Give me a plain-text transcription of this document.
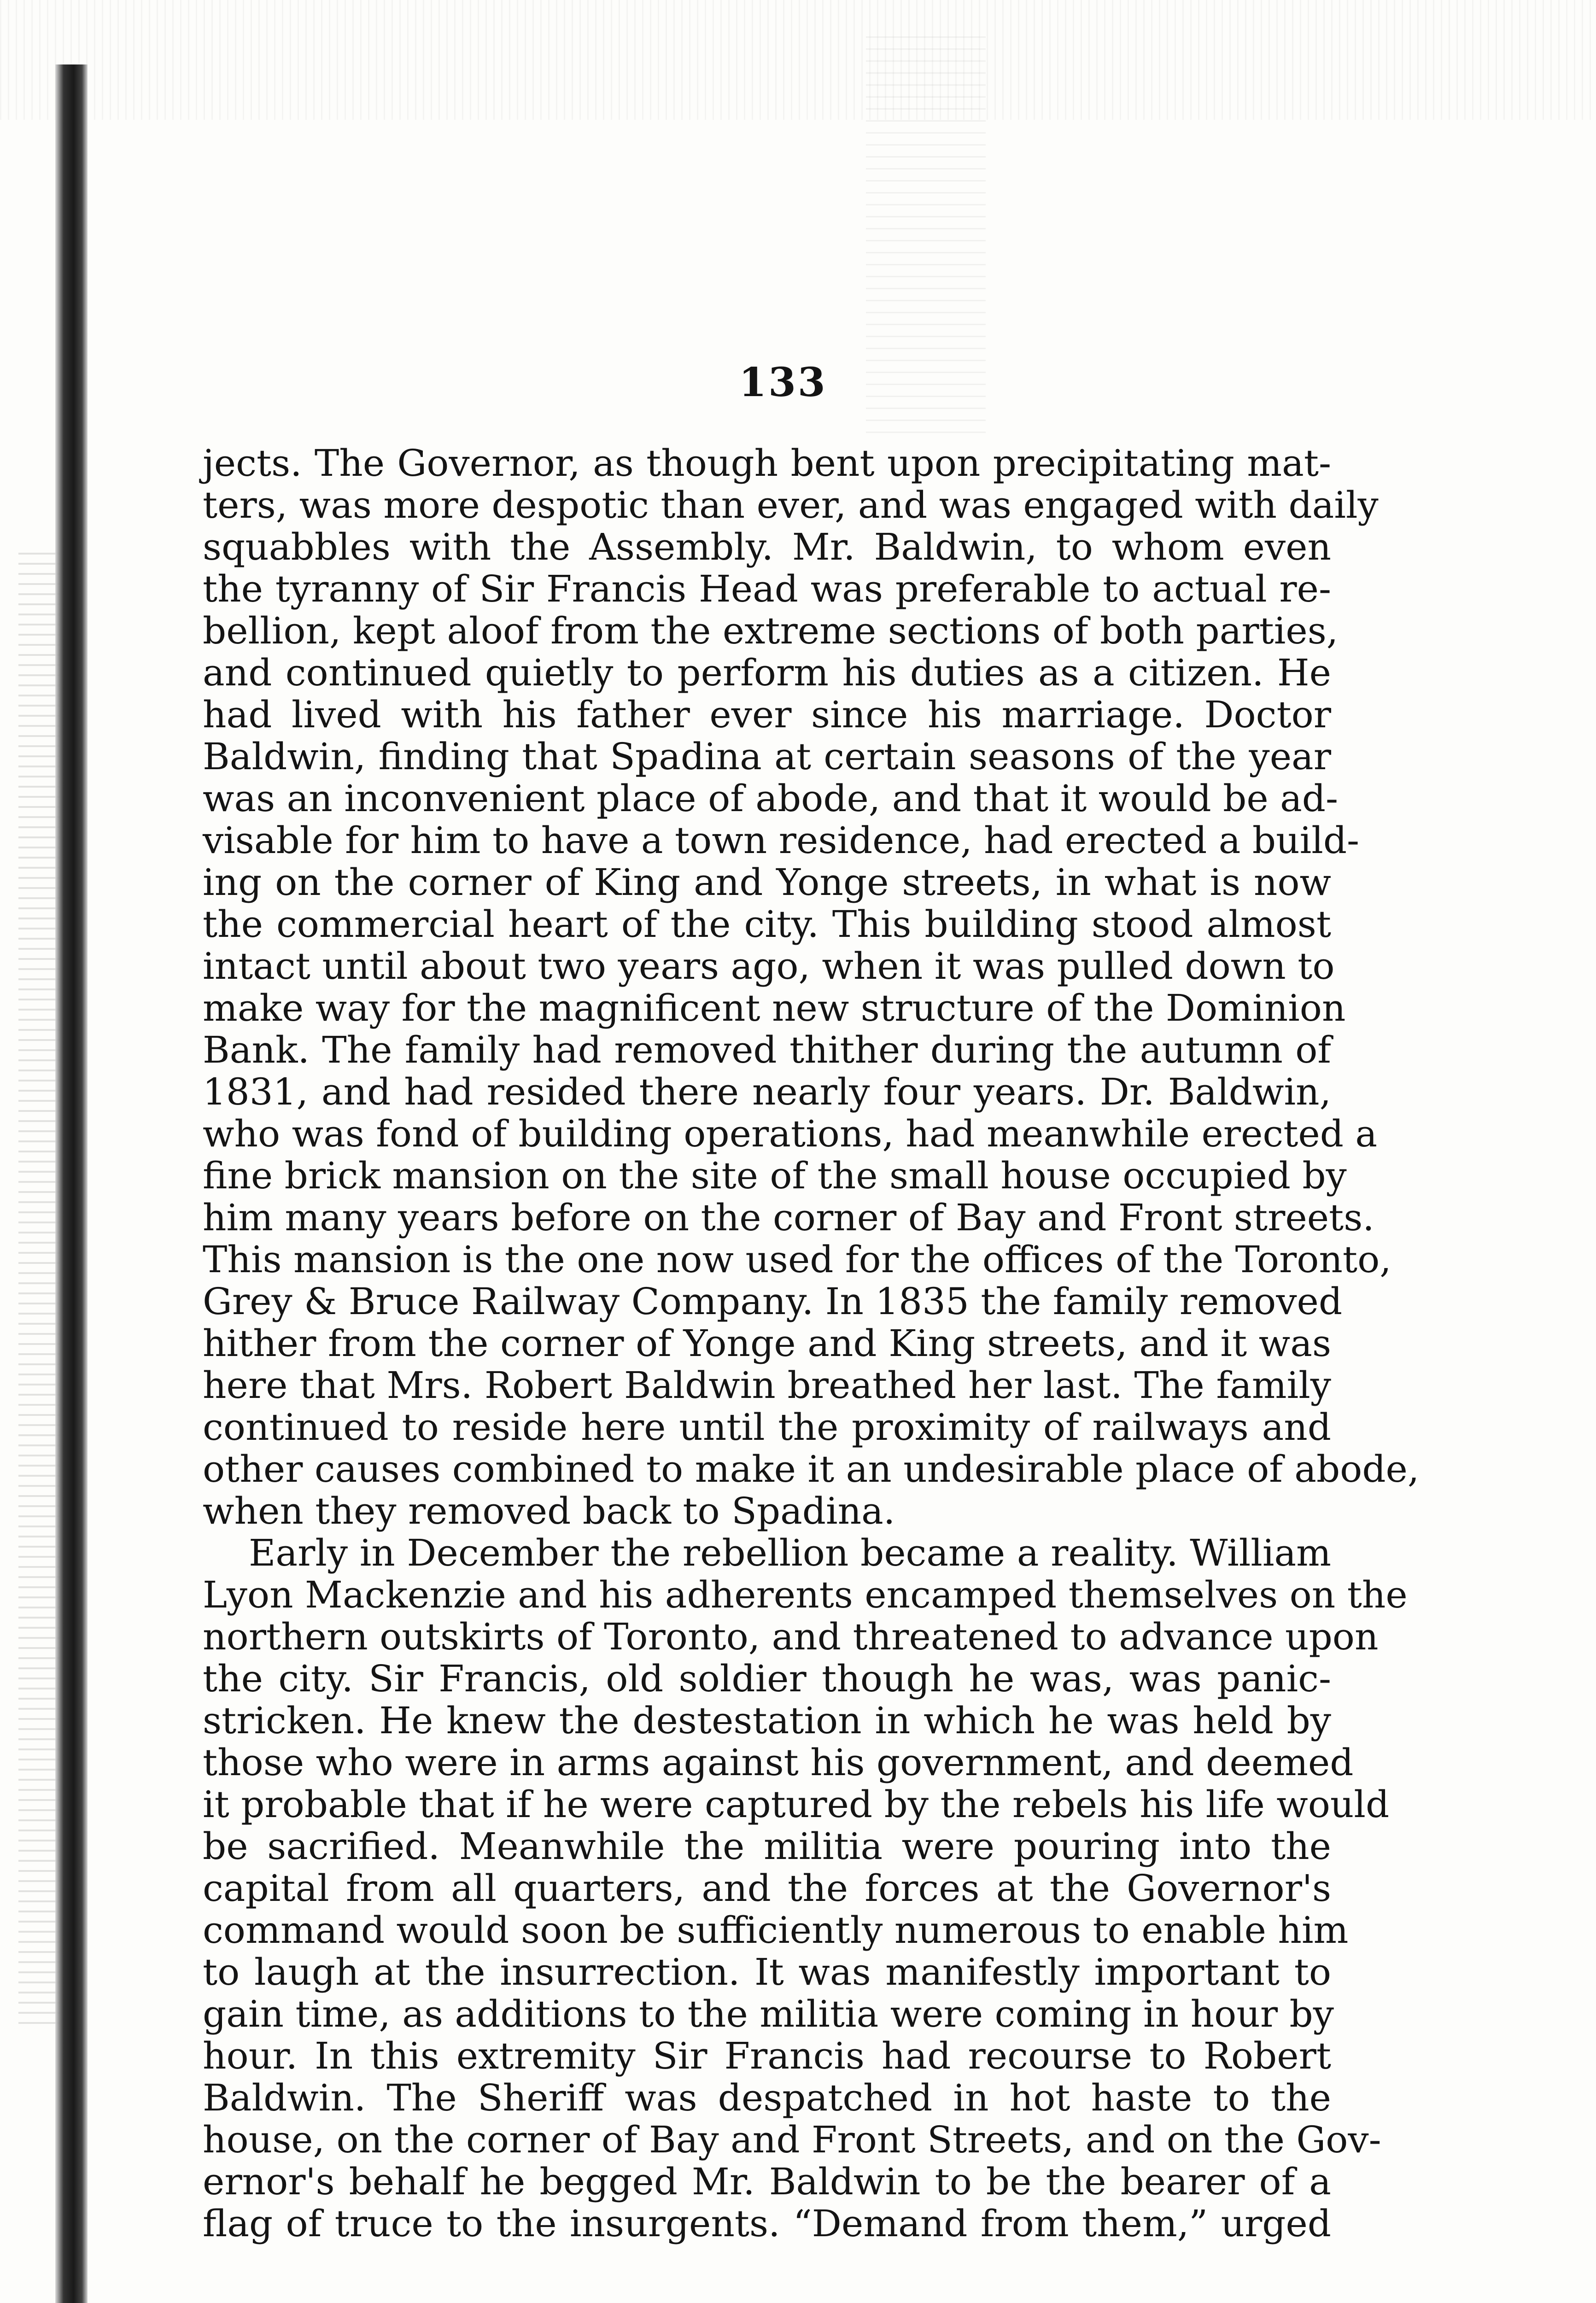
133
jects. The Governor, as though bent upon precipitating mat-
ters, was more despotic than ever, and was engaged with daily
squabbles with the Assembly. Mr. Baldwin, to whom even
the tyranny of Sir Francis Head was preferable to actual re-
bellion, kept aloof from the extreme sections of both parties,
and continued quietly to perform his duties as a citizen. He
had lived with his father ever since his marriage. Doctor
Baldwin, finding that Spadina at certain seasons of the year
was an inconvenient place of abode, and that it would be ad-
visable for him to have a town residence, had erected a build-
ing on the corner of King and Yonge streets, in what is now
the commercial heart of the city. This building stood almost
intact until about two years ago, when it was pulled down to
make way for the magnificent new structure of the Dominion
Bank. The family had removed thither during the autumn of
1831, and had resided there nearly four years. Dr. Baldwin,
who was fond of building operations, had meanwhile erected a
fine brick mansion on the site of the small house occupied by
him many years before on the corner of Bay and Front streets.
This mansion is the one now used for the offices of the Toronto,
Grey & Bruce Railway Company. In 1835 the family removed
hither from the corner of Yonge and King streets, and it was
here that Mrs. Robert Baldwin breathed her last. The family
continued to reside here until the proximity of railways and
other causes combined to make it an undesirable place of abode,
when they removed back to Spadina.
Early in December the rebellion became a reality. William
Lyon Mackenzie and his adherents encamped themselves on the
northern outskirts of Toronto, and threatened to advance upon
the city. Sir Francis, old soldier though he was, was panic-
stricken. He knew the destestation in which he was held by
those who were in arms against his government, and deemed
it probable that if he were captured by the rebels his life would
be sacrified. Meanwhile the militia were pouring into the
capital from all quarters, and the forces at the Governor's
command would soon be sufficiently numerous to enable him
to laugh at the insurrection. It was manifestly important to
gain time, as additions to the militia were coming in hour by
hour. In this extremity Sir Francis had recourse to Robert
Baldwin. The Sheriff was despatched in hot haste to the
house, on the corner of Bay and Front Streets, and on the Gov-
ernor's behalf he begged Mr. Baldwin to be the bearer of a
flag of truce to the insurgents. “Demand from them,” urged
